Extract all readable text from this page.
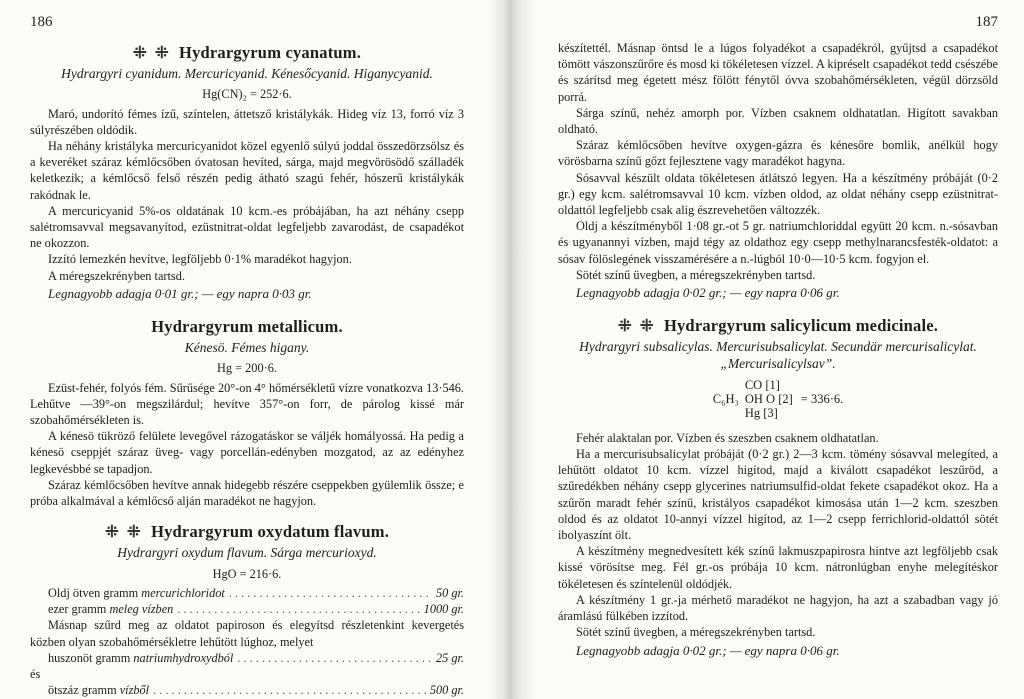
186
⁜ ⁜ Hydrargyrum cyanatum.
Hydrargyri cyanidum. Mercuricyanid. Kénesőcyanid. Higanycyanid.
Hg(CN)₂ = 252·6.

Maró, undorító fémes ízű, színtelen, áttetsző kristálykák. Hideg víz 13, forró víz 3 súlyrészében oldódik.

Ha néhány kristályka mercuricyanidot közel egyenlő súlyú joddal összedörzsölsz és a keveréket száraz kémlőcsőben óvatosan hevíted, sárga, majd megvörösödő szálladék keletkezik; a kémlőcső felső részén pedig átható szagú fehér, hószerű kristálykák rakódnak le.

A mercuricyanid 5%-os oldatának 10 kcm.-es próbájában, ha azt néhány csepp salétromsavval megsavanyítod, ezüstnitrat-oldat legfeljebb zavarodást, de csapadékot ne okozzon.

Izzító lemezkén hevítve, legföljebb 0·1% maradékot hagyjon.

A méregszekrényben tartsd.

Legnagyobb adagja 0·01 gr.; — egy napra 0·03 gr.

Hydrargyrum metallicum.
Kénesö. Fémes higany.
Hg = 200·6.

Ezüst-fehér, folyós fém. Sűrűsége 20°-on 4° hőmérsékletű vízre vonatkozva 13·546. Lehűtve —39°-on megszilárdul; hevítve 357°-on forr, de párolog kissé már szobahőmérsékleten is.

A kénesö tükröző felülete levegővel rázogatáskor se váljék homályossá. Ha pedig a kénesö cseppjét száraz üveg- vagy porcellán-edényben mozgatod, az az edényhez legkevésbbé se tapadjon.

Száraz kémlőcsőben hevítve annak hidegebb részére cseppekben gyülemlik össze; e próba alkalmával a kémlőcső alján maradékot ne hagyjon.

⁜ ⁜ Hydrargyrum oxydatum flavum.
Hydrargyri oxydum flavum. Sárga mercurioxyd.
HgO = 216·6.
Oldj ötven gramm mercurichloridot . . .	50 gr.
ezer gramm meleg vízben . . .	1000 gr.

Másnap szűrd meg az oldatot papiroson és elegyítsd részletenkint kevergetés közben olyan szobahőmérsékletre lehűtött lúghoz, melyet

huszonöt gramm natriumhydroxydból . . .	25 gr.
és
ötszáz gramm vízből . . .	500 gr.
187

készítettél. Másnap öntsd le a lúgos folyadékot a csapadékról, gyűjtsd a csapadékot tömött vászonszűrőre és mosd ki tökéletesen vízzel. A kipréselt csapadékot tedd csészébe és szárítsd meg égetett mész fölött fénytől óvva szobahőmérsékleten, végül dörzsöld porrá.

Sárga színű, nehéz amorph por. Vízben csaknem oldhatatlan. Higított savakban oldható.

Száraz kémlőcsőben hevítve oxygen-gázra és kénesőre bomlik, anélkül hogy vörösbarna színű gőzt fejlesztene vagy maradékot hagyna.

Sósavval készült oldata tökéletesen átlátszó legyen. Ha a készítmény próbáját (0·2 gr.) egy kcm. salétromsavval 10 kcm. vízben oldod, az oldat néhány csepp ezüstnitrat-oldattól legfeljebb csak alig észrevehetően változzék.

Oldj a készítményből 1·08 gr.-ot 5 gr. natriumchloriddal együtt 20 kcm. n.-sósavban és ugyanannyi vízben, majd tégy az oldathoz egy csepp methylnarancsfesték-oldatot: a sósav fölöslegének visszamérésére a n.-lúgból 10·0—10·5 kcm. fogyjon el.

Sötét színű üvegben, a méregszekrényben tartsd.

Legnagyobb adagja 0·02 gr.; — egy napra 0·06 gr.

⁜ ⁜ Hydrargyrum salicylicum medicinale.
Hydrargyri subsalicylas. Mercurisubsalicylat. Secundär mercurisalicylat. „Mercurisalicylsav”.
C₆H₃
CO [1]
OH O [2]
Hg [3]
= 336·6.

Fehér alaktalan por. Vízben és szeszben csaknem oldhatatlan.

Ha a mercurisubsalicylat próbáját (0·2 gr.) 2—3 kcm. tömény sósavval melegíted, a lehűtött oldatot 10 kcm. vízzel higítod, majd a kiválott csapadékot leszűröd, a szűredékben néhány csepp glycerines natriumsulfid-oldat fekete csapadékot okoz. Ha a szűrőn maradt fehér színű, kristályos csapadékot kimosása után 1—2 kcm. szeszben oldod és az oldatot 10-annyi vízzel higítod, az 1—2 csepp ferrichlorid-oldattól sötét ibolyaszínt ölt.

A készítmény megnedvesített kék színű lakmuszpapirosra hintve azt legföljebb csak kissé vörösítse meg. Fél gr.-os próbája 10 kcm. nátronlúgban enyhe melegítéskor tökéletesen és színtelenül oldódjék.

A készítmény 1 gr.-ja mérhető maradékot ne hagyjon, ha azt a szabadban vagy jó áramlású fülkében izzítod.

Sötét színű üvegben, a méregszekrényben tartsd.

Legnagyobb adagja 0·02 gr.; — egy napra 0·06 gr.
